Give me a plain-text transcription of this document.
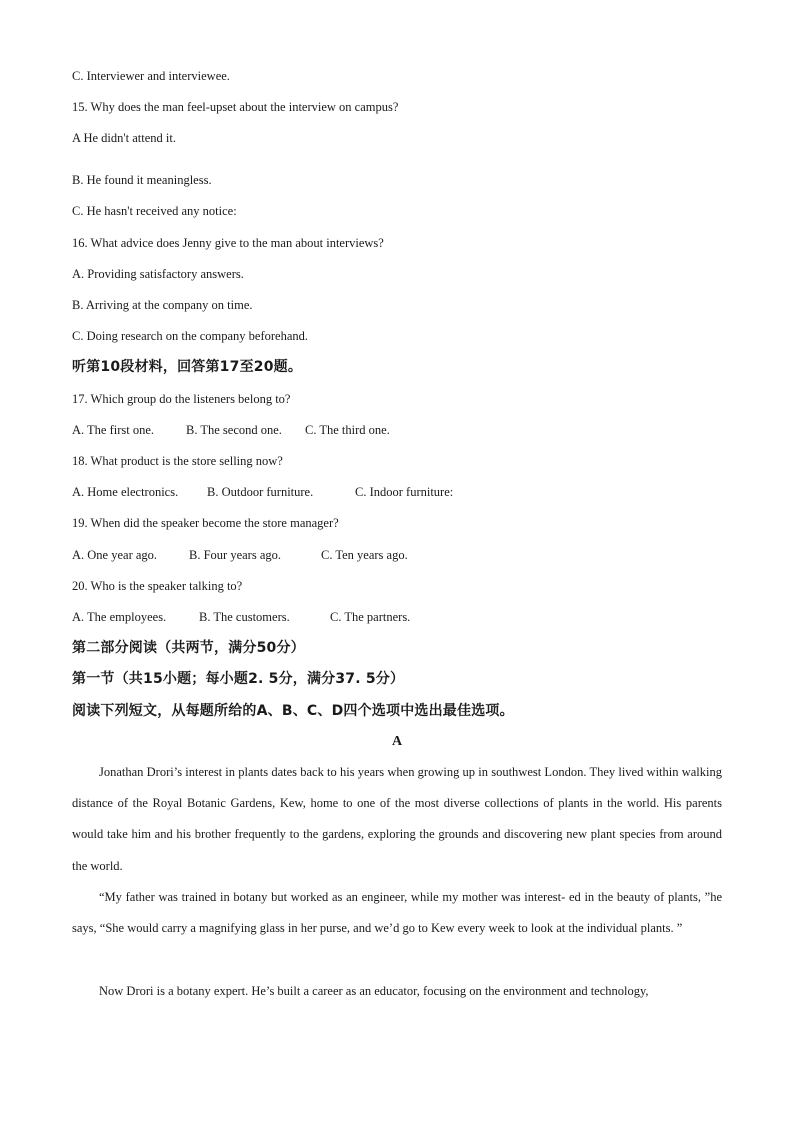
C. Interviewer and interviewee.
15. Why does the man feel-upset about the interview on campus?
A He didn't attend it.
B. He found it meaningless.
C. He hasn't received any notice:
16. What advice does Jenny give to the man about interviews?
A. Providing satisfactory answers.
B. Arriving at the company on time.
C. Doing research on the company beforehand.
听第10段材料，回答第17至20题。
17. Which group do the listeners belong to?
A. The first one.	B. The second one. C. The third one.
18. What product is the store selling now?
A. Home electronics. B. Outdoor furniture.	C. Indoor furniture:
19. When did the speaker become the store manager?
A. One year ago.	B. Four years ago.	C. Ten years ago.
20. Who is the speaker talking to?
A. The employees.	B. The customers.	C. The partners.
第二部分阅读（共两节，满分50分）
第一节（共15小题；每小题2. 5分，满分37. 5分）
阅读下列短文，从每题所给的A、B、C、D四个选项中选出最佳选项。
A

Jonathan Drori’s interest in plants dates back to his years when growing up in southwest London. They lived within walking distance of the Royal Botanic Gardens, Kew, home to one of the most diverse collections of plants in the world. His parents would take him and his brother frequently to the gardens, exploring the grounds and discovering new plant species from around the world.

“My father was trained in botany but worked as an engineer, while my mother was interest- ed in the beauty of plants, ”he says, “She would carry a magnifying glass in her purse, and we’d go to Kew every week to look at the individual plants. ”

Now Drori is a botany expert. He’s built a career as an educator, focusing on the environment and technology,
